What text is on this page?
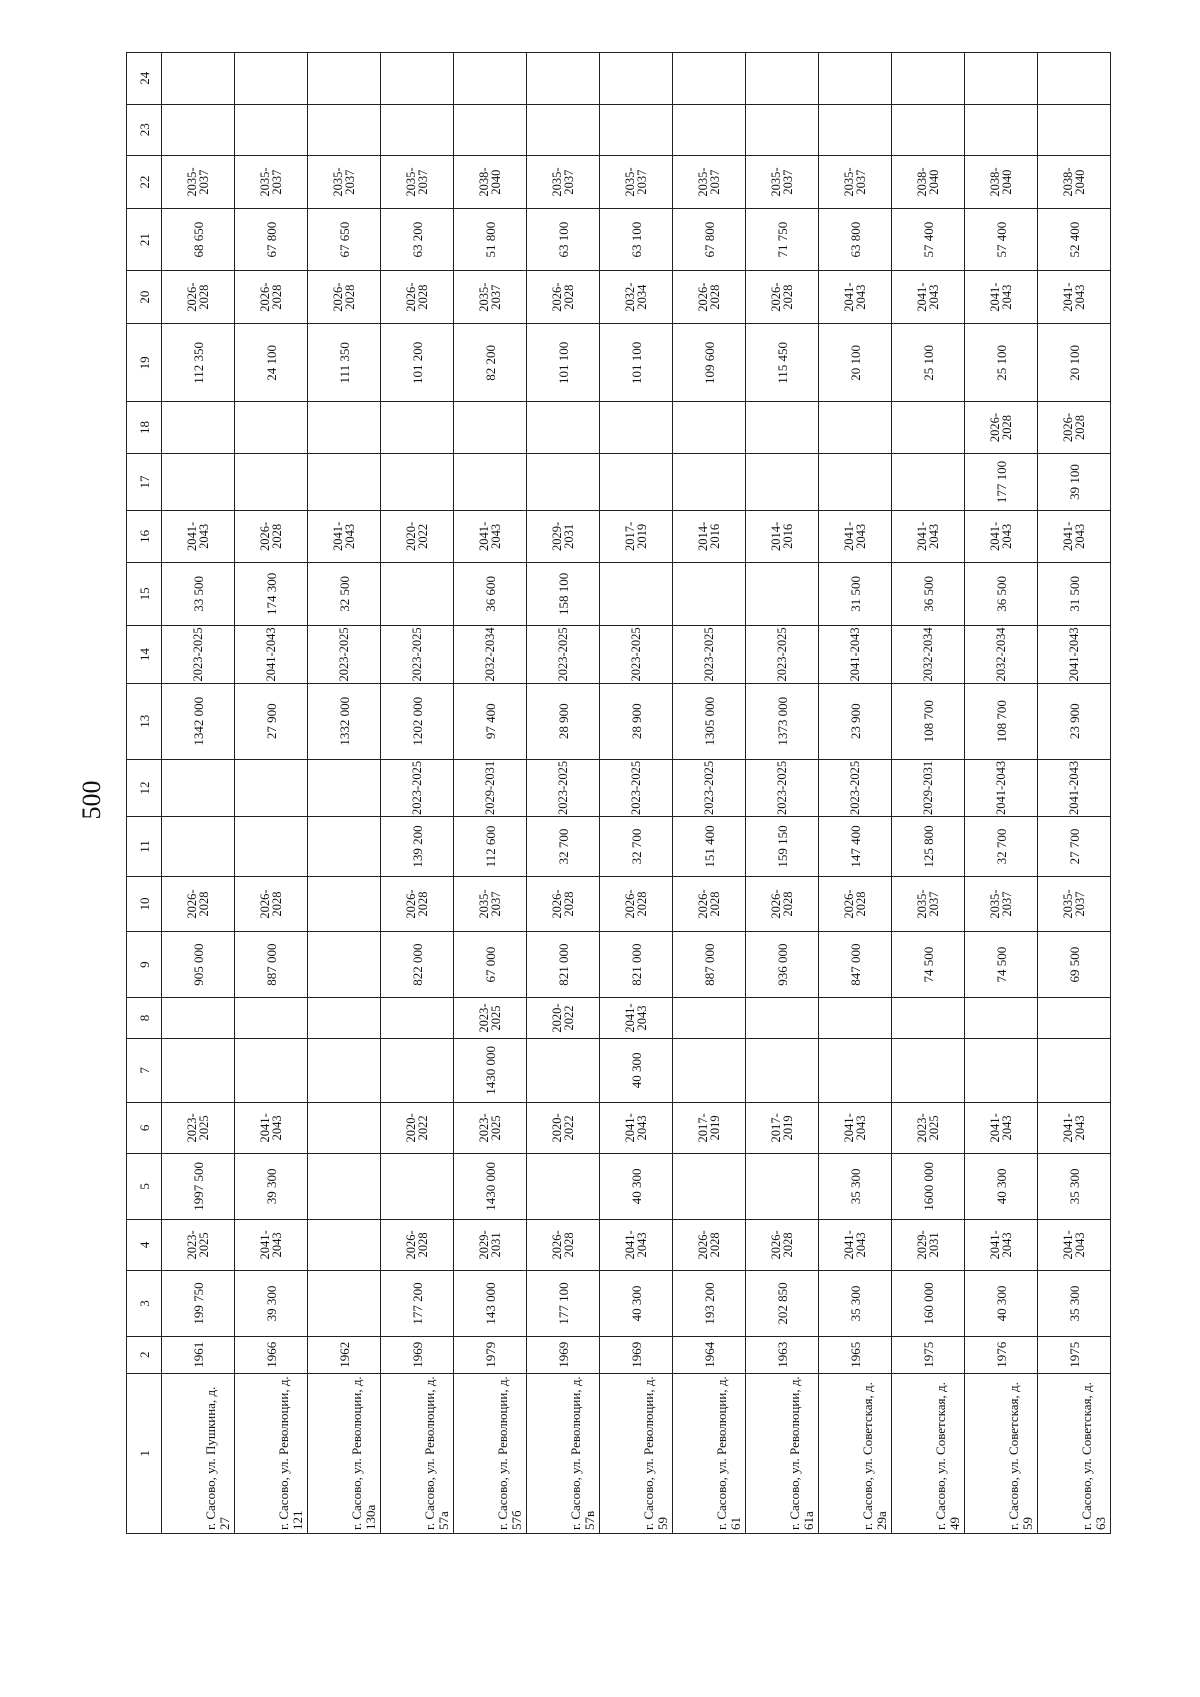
500
1	2	3	4	5	6	7	8	9	10	11	12	13	14	15	16	17	18	19	20	21	22	23	24
г. Сасово, ул. Пушкина, д. 27	1961	199 750	2023-2025	1997 500	2023-2025			905 000	2026-2028			1342 000	2023-2025	33 500	2041-2043			112 350	2026-2028	68 650	2035-2037		
г. Сасово, ул. Революции, д. 121	1966	39 300	2041-2043	39 300	2041-2043			887 000	2026-2028			27 900	2041-2043	174 300	2026-2028			24 100	2026-2028	67 800	2035-2037		
г. Сасово, ул. Революции, д. 130а	1962											1332 000	2023-2025	32 500	2041-2043			111 350	2026-2028	67 650	2035-2037		
г. Сасово, ул. Революции, д. 57а	1969	177 200	2026-2028		2020-2022			822 000	2026-2028	139 200	2023-2025	1202 000	2023-2025		2020-2022			101 200	2026-2028	63 200	2035-2037		
г. Сасово, ул. Революции, д. 57б	1979	143 000	2029-2031	1430 000	2023-2025	1430 000	2023-2025	67 000	2035-2037	112 600	2029-2031	97 400	2032-2034	36 600	2041-2043			82 200	2035-2037	51 800	2038-2040		
г. Сасово, ул. Революции, д. 57в	1969	177 100	2026-2028		2020-2022		2020-2022	821 000	2026-2028	32 700	2023-2025	28 900	2023-2025	158 100	2029-2031			101 100	2026-2028	63 100	2035-2037		
г. Сасово, ул. Революции, д. 59	1969	40 300	2041-2043	40 300	2041-2043	40 300	2041-2043	821 000	2026-2028	32 700	2023-2025	28 900	2023-2025		2017-2019			101 100	2032-2034	63 100	2035-2037		
г. Сасово, ул. Революции, д. 61	1964	193 200	2026-2028		2017-2019			887 000	2026-2028	151 400	2023-2025	1305 000	2023-2025		2014-2016			109 600	2026-2028	67 800	2035-2037		
г. Сасово, ул. Революции, д. 61а	1963	202 850	2026-2028		2017-2019			936 000	2026-2028	159 150	2023-2025	1373 000	2023-2025		2014-2016			115 450	2026-2028	71 750	2035-2037		
г. Сасово, ул. Советская, д. 29а	1965	35 300	2041-2043	35 300	2041-2043			847 000	2026-2028	147 400	2023-2025	23 900	2041-2043	31 500	2041-2043			20 100	2041-2043	63 800	2035-2037		
г. Сасово, ул. Советская, д. 49	1975	160 000	2029-2031	1600 000	2023-2025			74 500	2035-2037	125 800	2029-2031	108 700	2032-2034	36 500	2041-2043			25 100	2041-2043	57 400	2038-2040		
г. Сасово, ул. Советская, д. 59	1976	40 300	2041-2043	40 300	2041-2043			74 500	2035-2037	32 700	2041-2043	108 700	2032-2034	36 500	2041-2043	177 100	2026-2028	25 100	2041-2043	57 400	2038-2040		
г. Сасово, ул. Советская, д. 63	1975	35 300	2041-2043	35 300	2041-2043			69 500	2035-2037	27 700	2041-2043	23 900	2041-2043	31 500	2041-2043	39 100	2026-2028	20 100	2041-2043	52 400	2038-2040		
